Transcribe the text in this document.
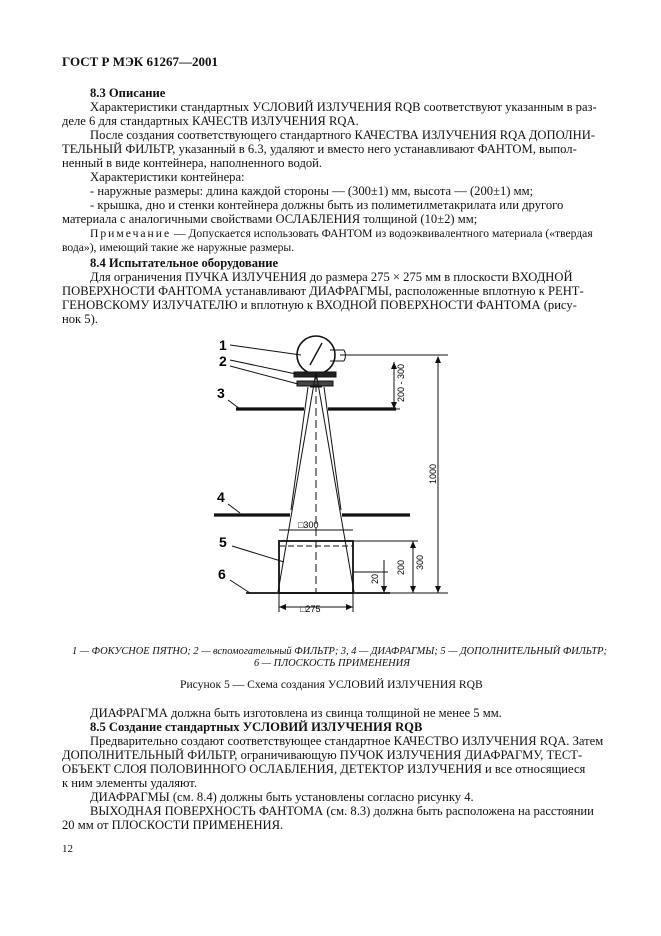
ГОСТ Р МЭК 61267—2001
8.3 Описание
Характеристики стандартных УСЛОВИЙ ИЗЛУЧЕНИЯ RQB соответствуют указанным в раз-
деле 6 для стандартных КАЧЕСТВ ИЗЛУЧЕНИЯ RQA.
После создания соответствующего стандартного КАЧЕСТВА ИЗЛУЧЕНИЯ RQA ДОПОЛНИ-
ТЕЛЬНЫЙ ФИЛЬТР, указанный в 6.3, удаляют и вместо него устанавливают ФАНТОМ, выпол-
ненный в виде контейнера, наполненного водой.
Характеристики контейнера:
- наружные размеры: длина каждой стороны — (300±1) мм, высота — (200±1) мм;
- крышка, дно и стенки контейнера должны быть из полиметилметакрилата или другого
материала с аналогичными свойствами ОСЛАБЛЕНИЯ толщиной (10±2) мм;
Примечание — Допускается использовать ФАНТОМ из водоэквивалентного материала («твердая
вода»), имеющий такие же наружные размеры.
8.4 Испытательное оборудование
Для ограничения ПУЧКА ИЗЛУЧЕНИЯ до размера 275 × 275 мм в плоскости ВХОДНОЙ
ПОВЕРХНОСТИ ФАНТОМА устанавливают ДИАФРАГМЫ, расположенные вплотную к РЕНТ-
ГЕНОВСКОМУ ИЗЛУЧАТЕЛЮ и вплотную к ВХОДНОЙ ПОВЕРХНОСТИ ФАНТОМА (рису-
нок 5).
1
2
3
4
5
6
200 - 300
1000
300
200
20
□300
□275
1 — ФОКУСНОЕ ПЯТНО; 2 — вспомогательный ФИЛЬТР; 3, 4 — ДИАФРАГМЫ; 5 — ДОПОЛНИТЕЛЬНЫЙ ФИЛЬТР;
6 — ПЛОСКОСТЬ ПРИМЕНЕНИЯ
Рисунок 5 — Схема создания УСЛОВИЙ ИЗЛУЧЕНИЯ RQB
ДИАФРАГМА должна быть изготовлена из свинца толщиной не менее 5 мм.
8.5 Создание стандартных УСЛОВИЙ ИЗЛУЧЕНИЯ RQB
Предварительно создают соответствующее стандартное КАЧЕСТВО ИЗЛУЧЕНИЯ RQA. Затем
ДОПОЛНИТЕЛЬНЫЙ ФИЛЬТР, ограничивающую ПУЧОК ИЗЛУЧЕНИЯ ДИАФРАГМУ, ТЕСТ-
ОБЪЕКТ СЛОЯ ПОЛОВИННОГО ОСЛАБЛЕНИЯ, ДЕТЕКТОР ИЗЛУЧЕНИЯ и все относящиеся
к ним элементы удаляют.
ДИАФРАГМЫ (см. 8.4) должны быть установлены согласно рисунку 4.
ВЫХОДНАЯ ПОВЕРХНОСТЬ ФАНТОМА (см. 8.3) должна быть расположена на расстоянии
20 мм от ПЛОСКОСТИ ПРИМЕНЕНИЯ.
12
